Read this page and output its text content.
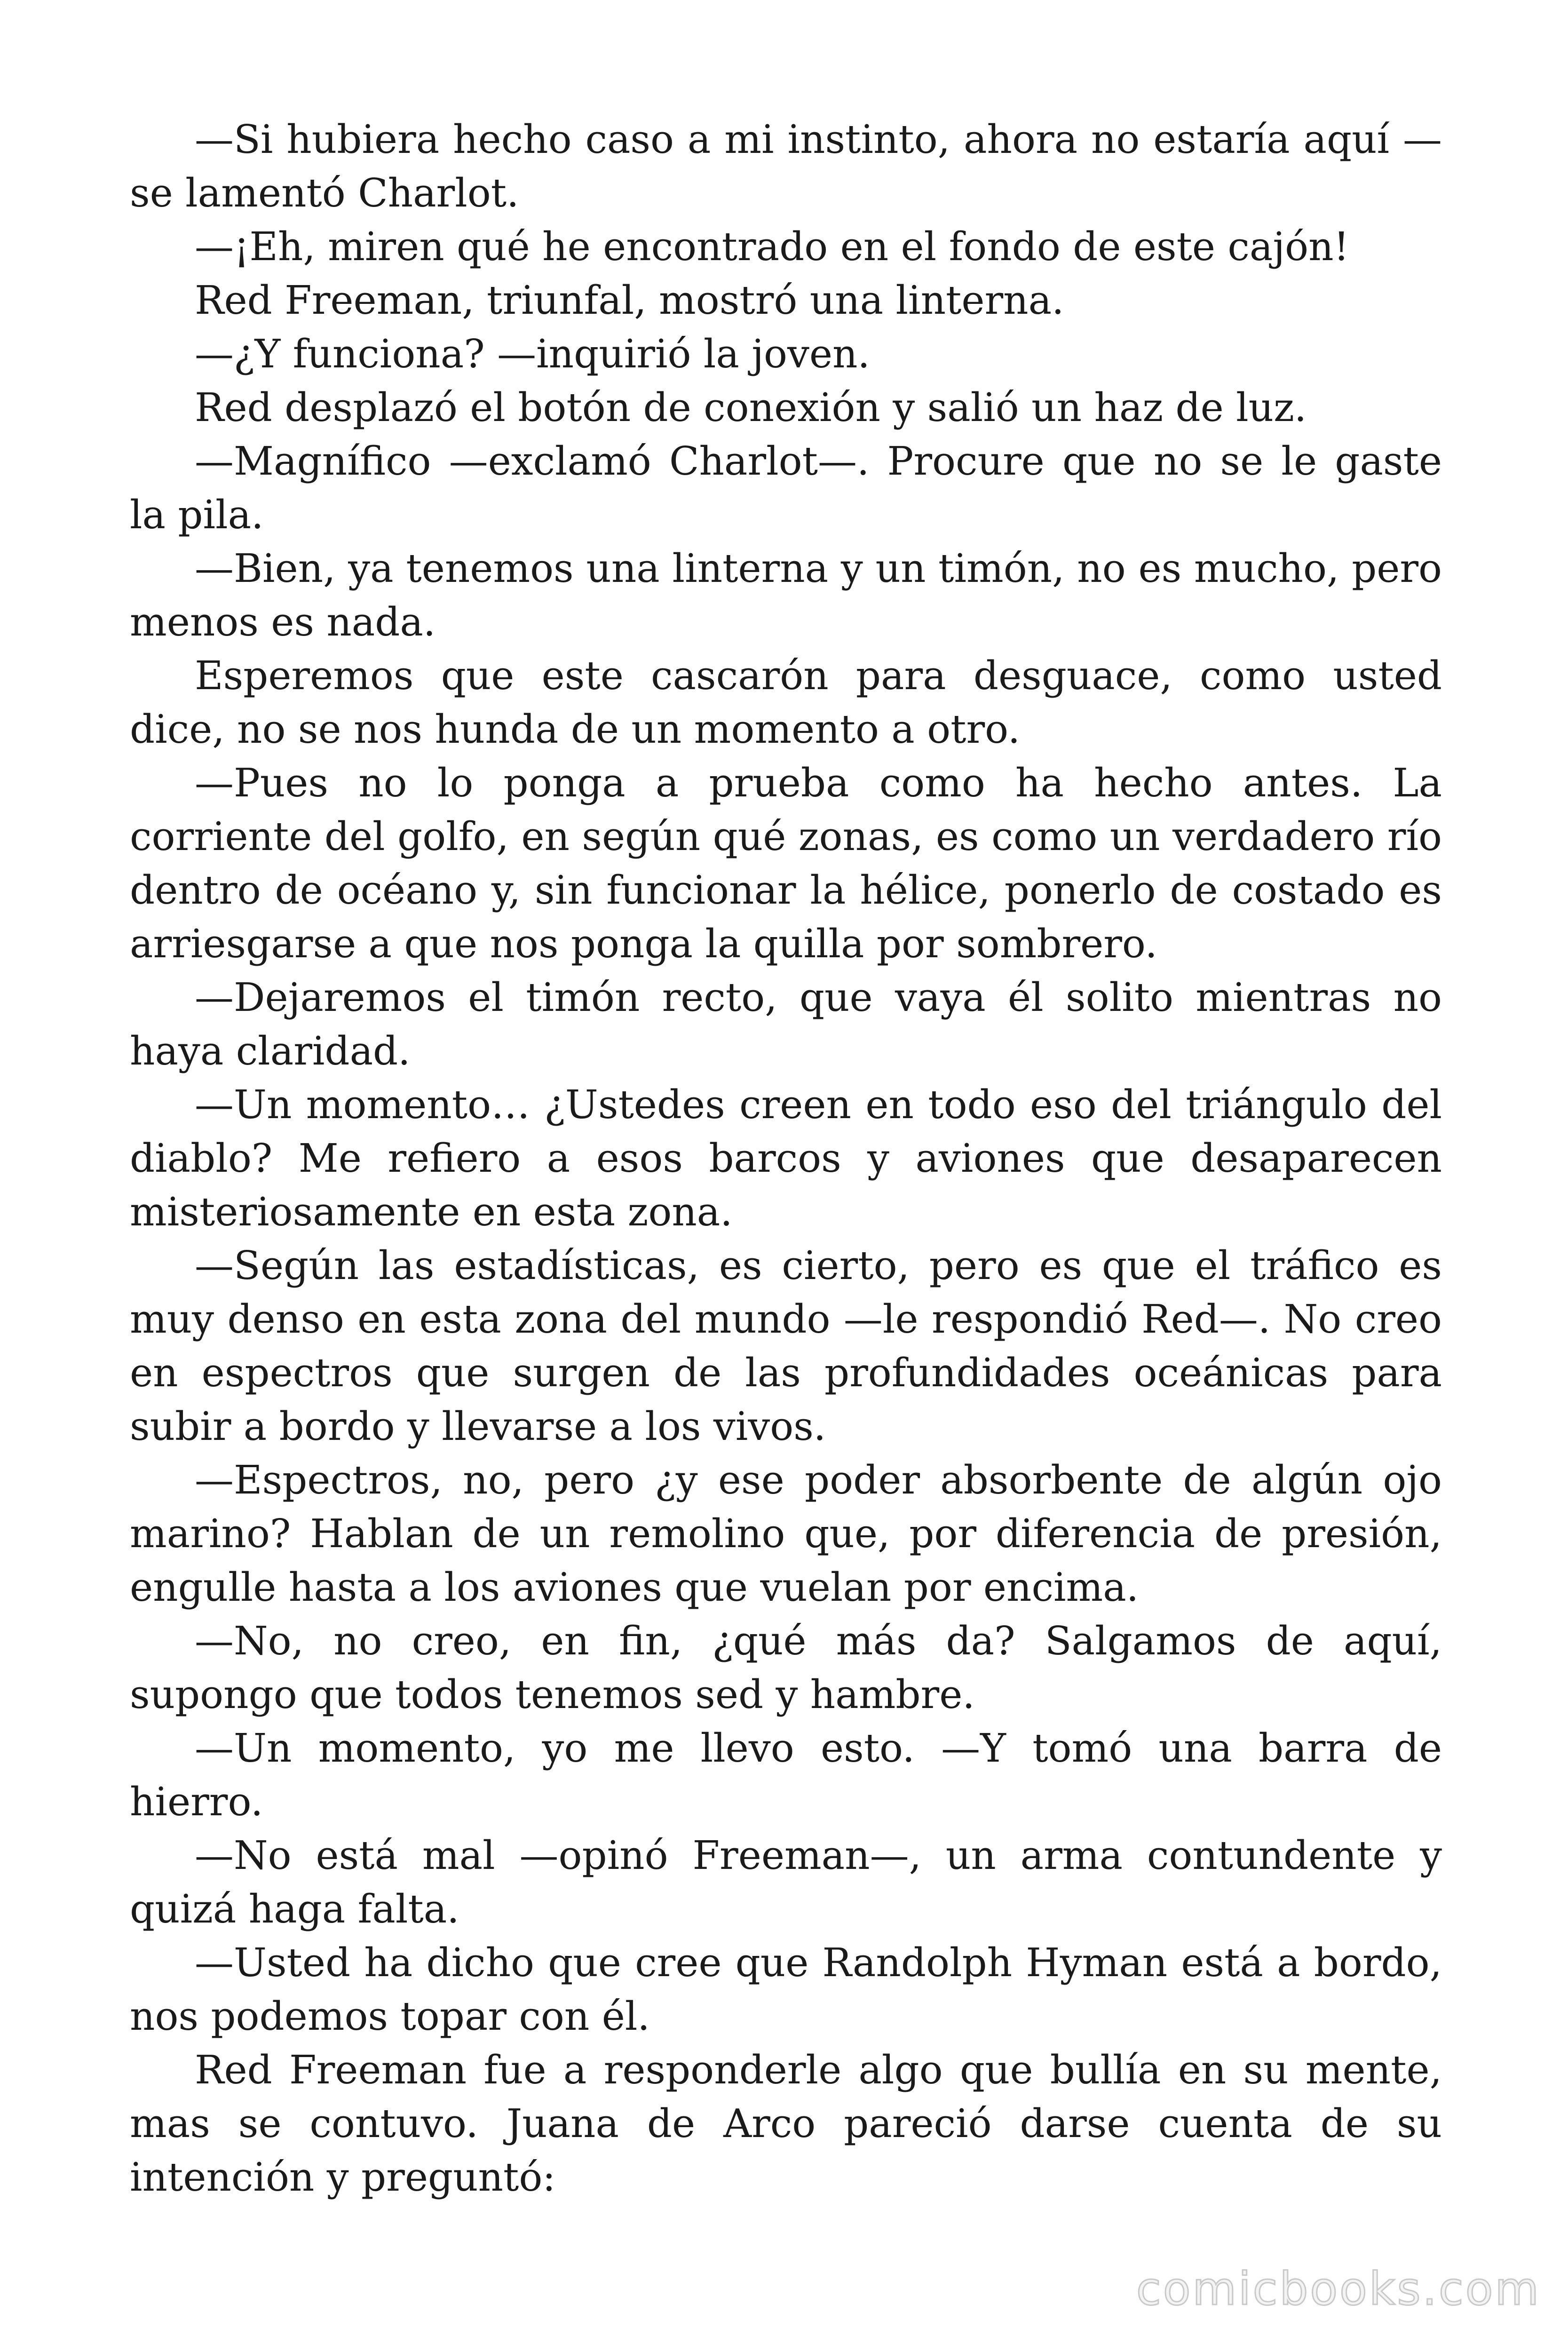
—Si hubiera hecho caso a mi instinto, ahora no estaría aquí —se lamentó Charlot.

—¡Eh, miren qué he encontrado en el fondo de este cajón!

Red Freeman, triunfal, mostró una linterna.

—¿Y funciona? —inquirió la joven.

Red desplazó el botón de conexión y salió un haz de luz.

—Magnífico —exclamó Charlot—. Procure que no se le gaste la pila.

—Bien, ya tenemos una linterna y un timón, no es mucho, pero menos es nada.

Esperemos que este cascarón para desguace, como usted dice, no se nos hunda de un momento a otro.

—Pues no lo ponga a prueba como ha hecho antes. La corriente del golfo, en según qué zonas, es como un verdadero río dentro de océano y, sin funcionar la hélice, ponerlo de costado es arriesgarse a que nos ponga la quilla por sombrero.

—Dejaremos el timón recto, que vaya él solito mientras no haya claridad.

—Un momento… ¿Ustedes creen en todo eso del triángulo del diablo? Me refiero a esos barcos y aviones que desaparecen misteriosamente en esta zona.

—Según las estadísticas, es cierto, pero es que el tráfico es muy denso en esta zona del mundo —le respondió Red—. No creo en espectros que surgen de las profundidades oceánicas para subir a bordo y llevarse a los vivos.

—Espectros, no, pero ¿y ese poder absorbente de algún ojo marino? Hablan de un remolino que, por diferencia de presión, engulle hasta a los aviones que vuelan por encima.

—No, no creo, en fin, ¿qué más da? Salgamos de aquí, supongo que todos tenemos sed y hambre.

—Un momento, yo me llevo esto. —Y tomó una barra de hierro.

—No está mal —opinó Freeman—, un arma contundente y quizá haga falta.

—Usted ha dicho que cree que Randolph Hyman está a bordo, nos podemos topar con él.

Red Freeman fue a responderle algo que bullía en su mente, mas se contuvo. Juana de Arco pareció darse cuenta de su intención y preguntó:

comicbooks.com
